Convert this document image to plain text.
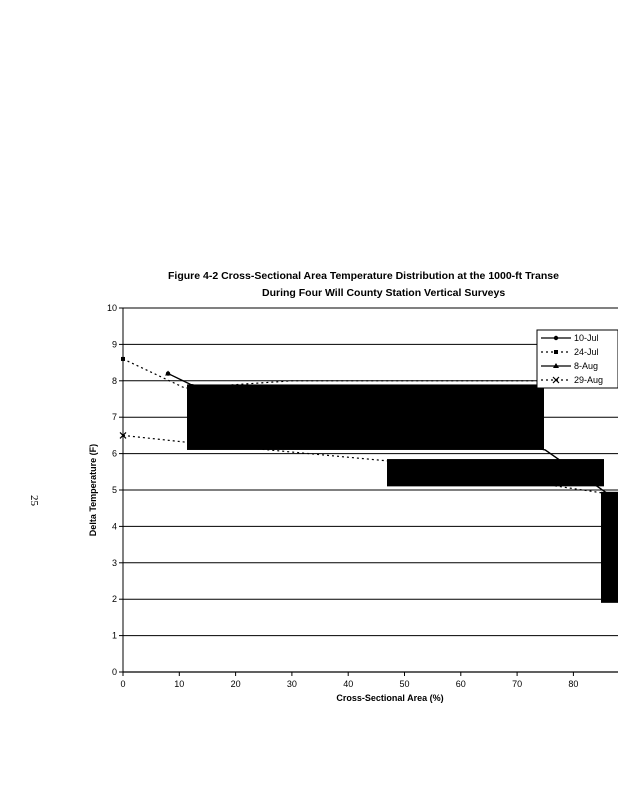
25
Figure 4-2 Cross-Sectional Area Temperature Distribution at the 1000-ft Transe
During Four Will County Station Vertical Surveys
0
1
2
3
4
5
6
7
8
9
10
0	10	20	30	40	50	60	70	80
Cross-Sectional Area (%)
Delta Temperature (F)
10-Jul
24-Jul
8-Aug
29-Aug
